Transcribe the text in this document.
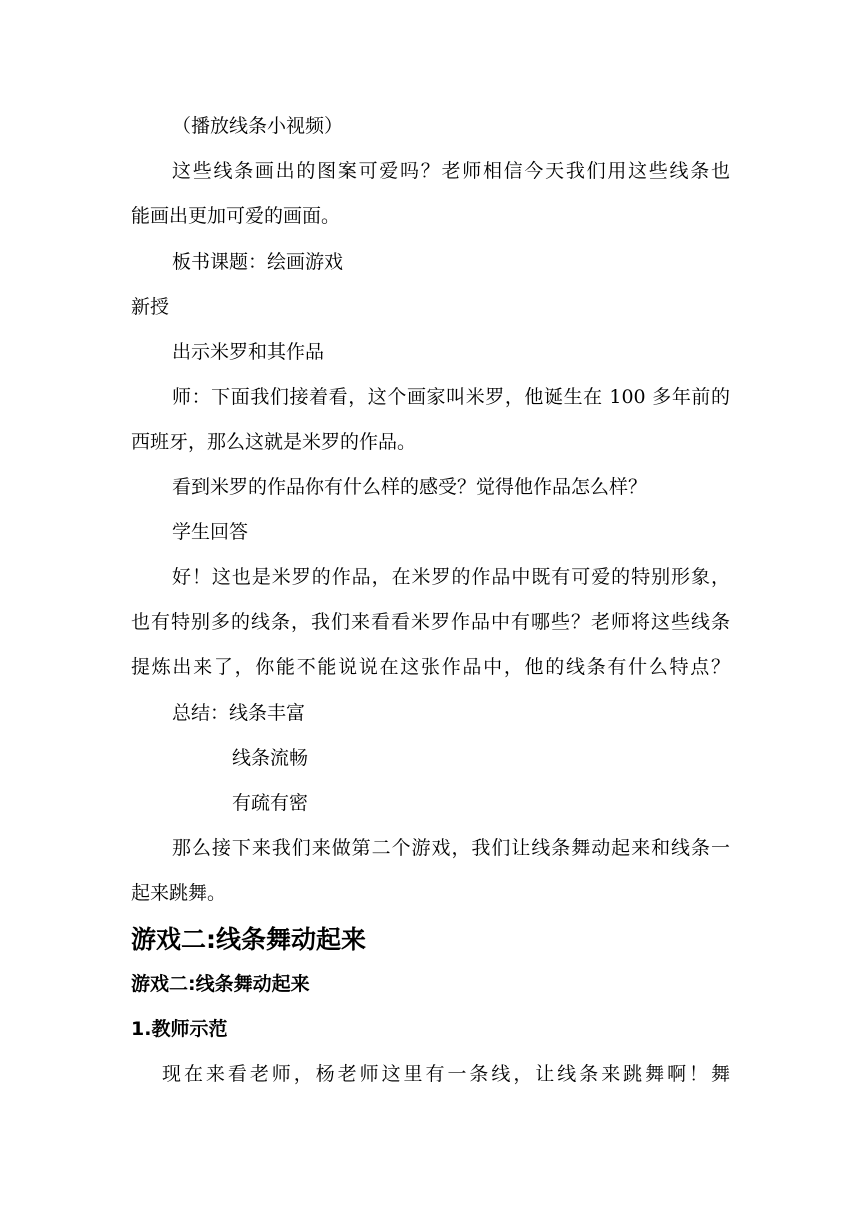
（播放线条小视频）
这些线条画出的图案可爱吗？老师相信今天我们用这些线条也
能画出更加可爱的画面。
板书课题：绘画游戏
新授
出示米罗和其作品
师：下面我们接着看，这个画家叫米罗，他诞生在 100 多年前的
西班牙，那么这就是米罗的作品。
看到米罗的作品你有什么样的感受？觉得他作品怎么样？
学生回答
好！这也是米罗的作品，在米罗的作品中既有可爱的特别形象，
也有特别多的线条，我们来看看米罗作品中有哪些？老师将这些线条
提炼出来了，你能不能说说在这张作品中，他的线条有什么特点？
总结：线条丰富
线条流畅
有疏有密
那么接下来我们来做第二个游戏，我们让线条舞动起来和线条一
起来跳舞。
游戏二:线条舞动起来
游戏二:线条舞动起来
1.教师示范
现在来看老师，杨老师这里有一条线，让线条来跳舞啊！舞
